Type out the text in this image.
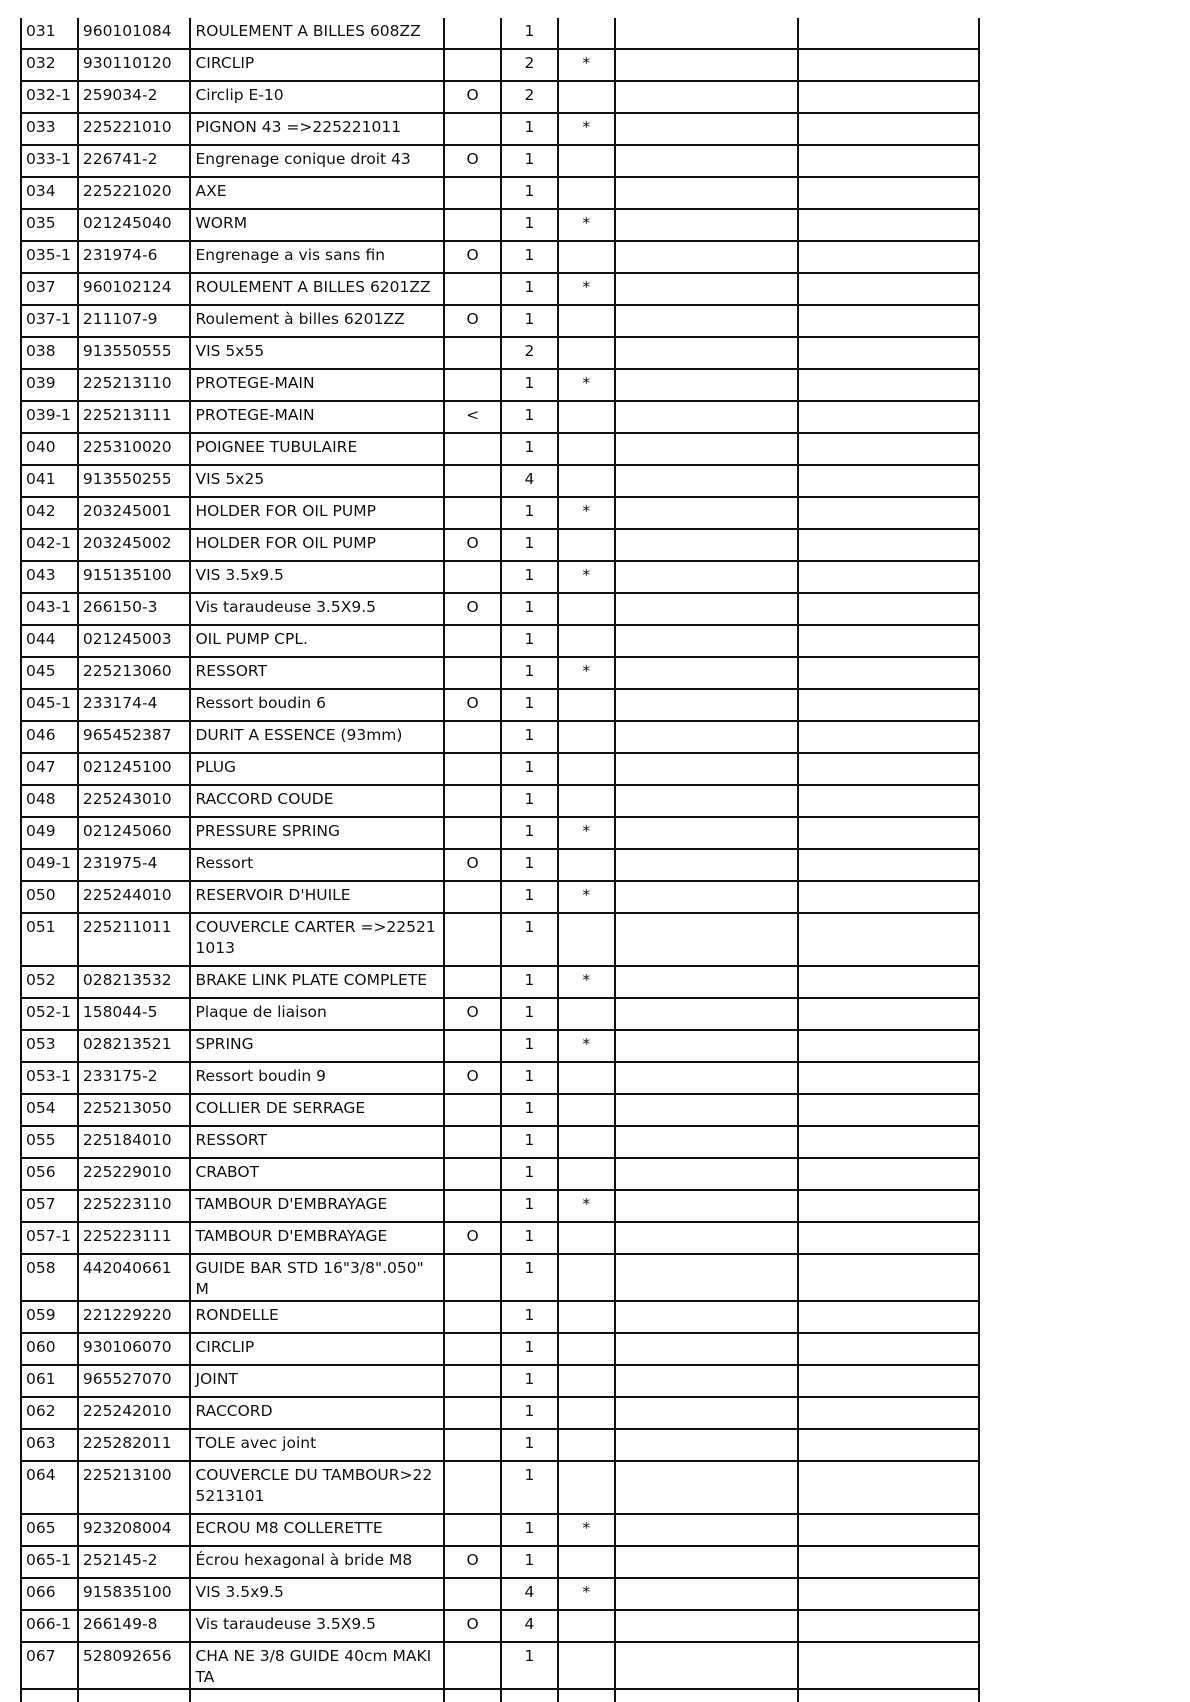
031	960101084	ROULEMENT A BILLES 608ZZ		1			
032	930110120	CIRCLIP		2	*		
032-1	259034-2	Circlip E-10	O	2			
033	225221010	PIGNON 43 =>225221011		1	*		
033-1	226741-2	Engrenage conique droit 43	O	1			
034	225221020	AXE		1			
035	021245040	WORM		1	*		
035-1	231974-6	Engrenage a vis sans fin	O	1			
037	960102124	ROULEMENT A BILLES 6201ZZ		1	*		
037-1	211107-9	Roulement à billes 6201ZZ	O	1			
038	913550555	VIS 5x55		2			
039	225213110	PROTEGE-MAIN		1	*		
039-1	225213111	PROTEGE-MAIN	<	1			
040	225310020	POIGNEE TUBULAIRE		1			
041	913550255	VIS 5x25		4			
042	203245001	HOLDER FOR OIL PUMP		1	*		
042-1	203245002	HOLDER FOR OIL PUMP	O	1			
043	915135100	VIS 3.5x9.5		1	*		
043-1	266150-3	Vis taraudeuse 3.5X9.5	O	1			
044	021245003	OIL PUMP CPL.		1			
045	225213060	RESSORT		1	*		
045-1	233174-4	Ressort boudin 6	O	1			
046	965452387	DURIT A ESSENCE (93mm)		1			
047	021245100	PLUG		1			
048	225243010	RACCORD COUDE		1			
049	021245060	PRESSURE SPRING		1	*		
049-1	231975-4	Ressort	O	1			
050	225244010	RESERVOIR D'HUILE		1	*		
051	225211011	COUVERCLE CARTER =>225211013		1			
052	028213532	BRAKE LINK PLATE COMPLETE		1	*		
052-1	158044-5	Plaque de liaison	O	1			
053	028213521	SPRING		1	*		
053-1	233175-2	Ressort boudin 9	O	1			
054	225213050	COLLIER DE SERRAGE		1			
055	225184010	RESSORT		1			
056	225229010	CRABOT		1			
057	225223110	TAMBOUR D'EMBRAYAGE		1	*		
057-1	225223111	TAMBOUR D'EMBRAYAGE	O	1			
058	442040661	GUIDE BAR STD 16"3/8".050" M		1			
059	221229220	RONDELLE		1			
060	930106070	CIRCLIP		1			
061	965527070	JOINT		1			
062	225242010	RACCORD		1			
063	225282011	TOLE avec joint		1			
064	225213100	COUVERCLE DU TAMBOUR>225213101		1			
065	923208004	ECROU M8 COLLERETTE		1	*		
065-1	252145-2	Écrou hexagonal à bride M8	O	1			
066	915835100	VIS 3.5x9.5		4	*		
066-1	266149-8	Vis taraudeuse 3.5X9.5	O	4			
067	528092656	CHA NE 3/8 GUIDE 40cm MAKITA		1			
